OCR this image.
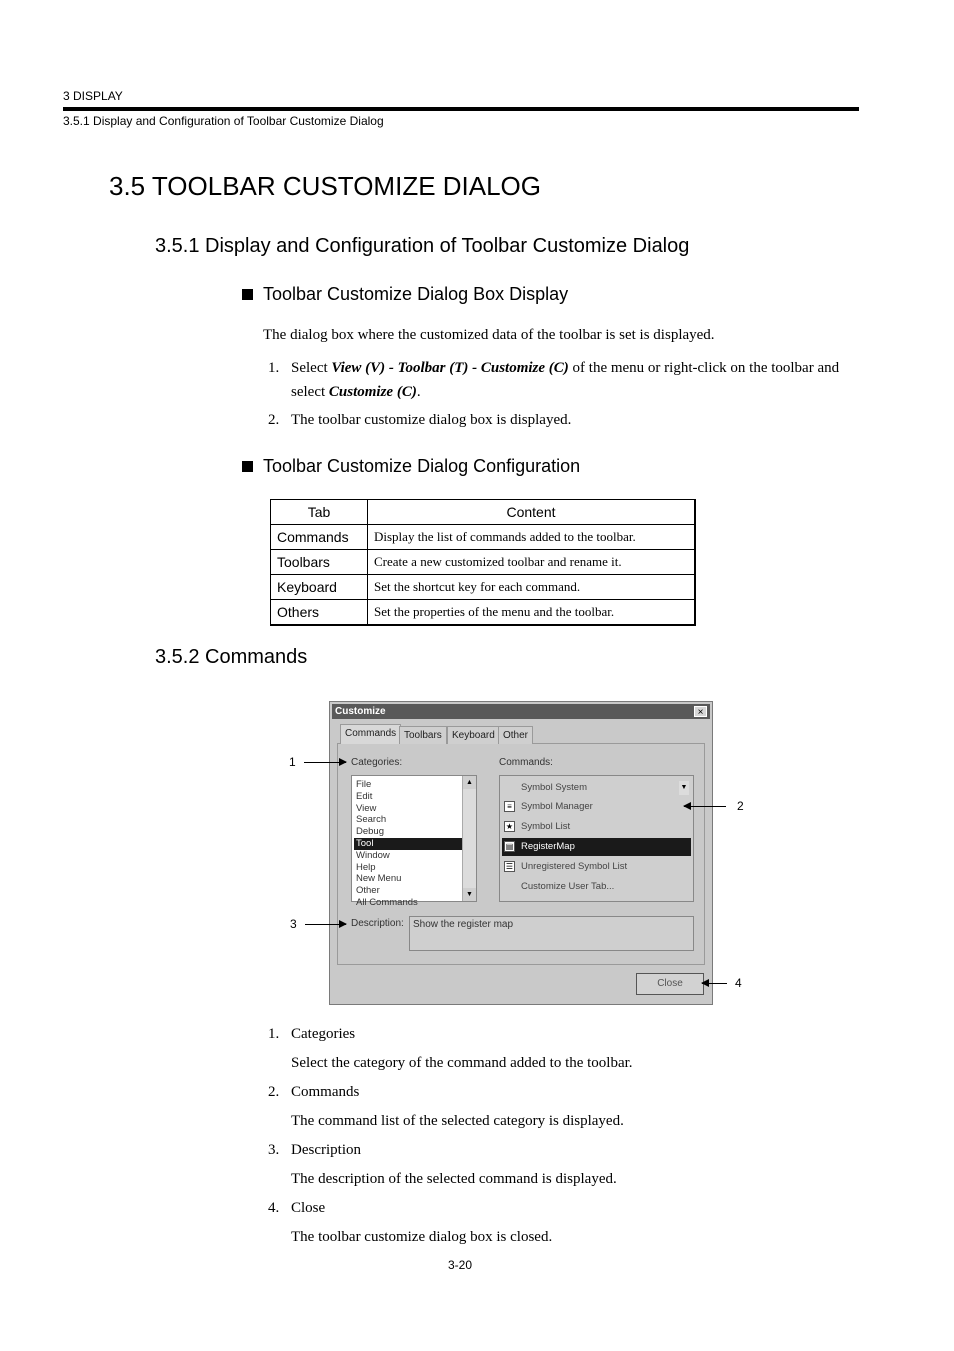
3 DISPLAY
3.5.1 Display and Configuration of Toolbar Customize Dialog
3.5 TOOLBAR CUSTOMIZE DIALOG
3.5.1 Display and Configuration of Toolbar Customize Dialog
Toolbar Customize Dialog Box Display
The dialog box where the customized data of the toolbar is set is displayed.
1. Select View (V) - Toolbar (T) - Customize (C) of the menu or right-click on the toolbar and select Customize (C).
2. The toolbar customize dialog box is displayed.
Toolbar Customize Dialog Configuration
Tab	Content
Commands	Display the list of commands added to the toolbar.
Toolbars	Create a new customized toolbar and rename it.
Keyboard	Set the shortcut key for each command.
Others	Set the properties of the menu and the toolbar.
3.5.2 Commands
Customize	×
Commands Toolbars	Keyboard Other
Categories:	Commands:
File
Edit
View
Search
Debug
Tool
Window
Help
New Menu
Other
All Commands
▲
▼
Symbol System	▼
≡ Symbol Manager
★ Symbol List
▤ RegisterMap
☰ Unregistered Symbol List
Customize User Tab...
Description: Show the register map
Close
1
2
3
4
1. Categories
Select the category of the command added to the toolbar.
2. Commands
The command list of the selected category is displayed.
3. Description
The description of the selected command is displayed.
4. Close
The toolbar customize dialog box is closed.
3-20
